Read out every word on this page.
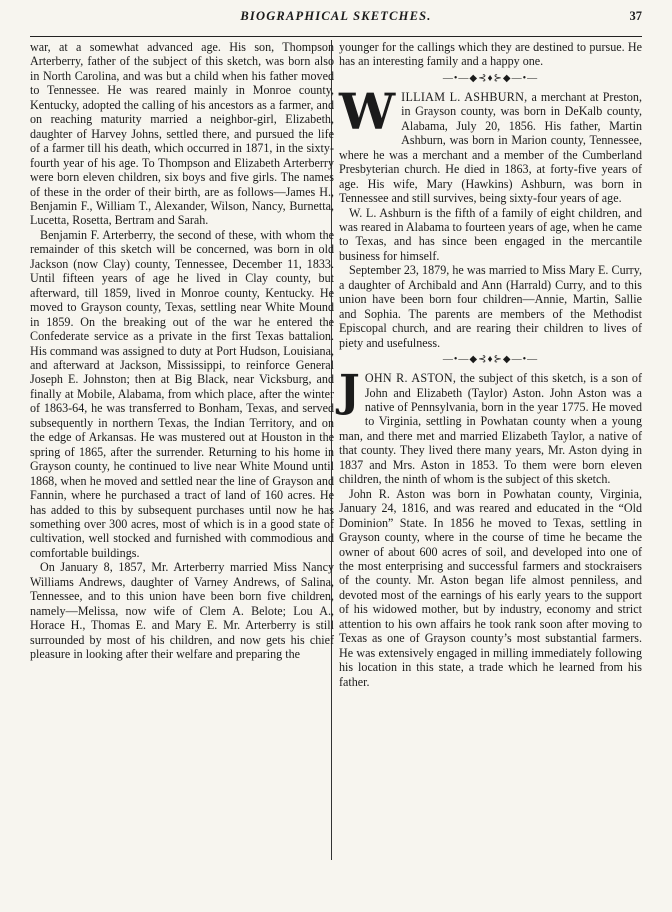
BIOGRAPHICAL SKETCHES.	37

war, at a somewhat advanced age. His son, Thompson Arterberry, father of the subject of this sketch, was born also in North Carolina, and was but a child when his father moved to Tennessee. He was reared mainly in Monroe county, Kentucky, adopted the calling of his ancestors as a farmer, and on reaching maturity married a neighbor-girl, Elizabeth, daughter of Harvey Johns, settled there, and pursued the life of a farmer till his death, which occurred in 1871, in the sixty-fourth year of his age. To Thompson and Elizabeth Arterberry were born eleven children, six boys and five girls. The names of these in the order of their birth, are as follows—James H., Benjamin F., William T., Alexander, Wilson, Nancy, Burnetta, Lucetta, Rosetta, Bertram and Sarah.

Benjamin F. Arterberry, the second of these, with whom the remainder of this sketch will be concerned, was born in old Jackson (now Clay) county, Tennessee, December 11, 1833. Until fifteen years of age he lived in Clay county, but afterward, till 1859, lived in Monroe county, Kentucky. He moved to Grayson county, Texas, settling near White Mound in 1859. On the breaking out of the war he entered the Confederate service as a private in the first Texas battalion. His command was assigned to duty at Port Hudson, Louisiana, and afterward at Jackson, Mississippi, to reinforce General Joseph E. Johnston; then at Big Black, near Vicksburg, and finally at Mobile, Alabama, from which place, after the winter of 1863-64, he was transferred to Bonham, Texas, and served subsequently in northern Texas, the Indian Territory, and on the edge of Arkansas. He was mustered out at Houston in the spring of 1865, after the surrender. Returning to his home in Grayson county, he continued to live near White Mound until 1868, when he moved and settled near the line of Grayson and Fannin, where he purchased a tract of land of 160 acres. He has added to this by subsequent purchases until now he has something over 300 acres, most of which is in a good state of cultivation, well stocked and furnished with commodious and comfortable buildings.

On January 8, 1857, Mr. Arterberry married Miss Nancy Williams Andrews, daughter of Varney Andrews, of Salina, Tennessee, and to this union have been born five children, namely—Melissa, now wife of Clem A. Belote; Lou A., Horace H., Thomas E. and Mary E. Mr. Arterberry is still surrounded by most of his children, and now gets his chief pleasure in looking after their welfare and preparing the

younger for the callings which they are destined to pursue. He has an interesting family and a happy one.

—•—◆⊰♦⊱◆—•—

WILLIAM L. ASHBURN, a merchant at Preston, in Grayson county, was born in DeKalb county, Alabama, July 20, 1856. His father, Martin Ashburn, was born in Marion county, Tennessee, where he was a merchant and a member of the Cumberland Presbyterian church. He died in 1863, at forty-five years of age. His wife, Mary (Hawkins) Ashburn, was born in Tennessee and still survives, being sixty-four years of age.

W. L. Ashburn is the fifth of a family of eight children, and was reared in Alabama to fourteen years of age, when he came to Texas, and has since been engaged in the mercantile business for himself.

September 23, 1879, he was married to Miss Mary E. Curry, a daughter of Archibald and Ann (Harrald) Curry, and to this union have been born four children—Annie, Martin, Sallie and Sophia. The parents are members of the Methodist Episcopal church, and are rearing their children to lives of piety and usefulness.

—•—◆⊰♦⊱◆—•—

JOHN R. ASTON, the subject of this sketch, is a son of John and Elizabeth (Taylor) Aston. John Aston was a native of Pennsylvania, born in the year 1775. He moved to Virginia, settling in Powhatan county when a young man, and there met and married Elizabeth Taylor, a native of that county. They lived there many years, Mr. Aston dying in 1837 and Mrs. Aston in 1853. To them were born eleven children, the ninth of whom is the subject of this sketch.

John R. Aston was born in Powhatan county, Virginia, January 24, 1816, and was reared and educated in the “Old Dominion” State. In 1856 he moved to Texas, settling in Grayson county, where in the course of time he became the owner of about 600 acres of soil, and developed into one of the most enterprising and successful farmers and stockraisers of the county. Mr. Aston began life almost penniless, and devoted most of the earnings of his early years to the support of his widowed mother, but by industry, economy and strict attention to his own affairs he took rank soon after moving to Texas as one of Grayson county’s most substantial farmers. He was extensively engaged in milling immediately following his location in this state, a trade which he learned from his father.
